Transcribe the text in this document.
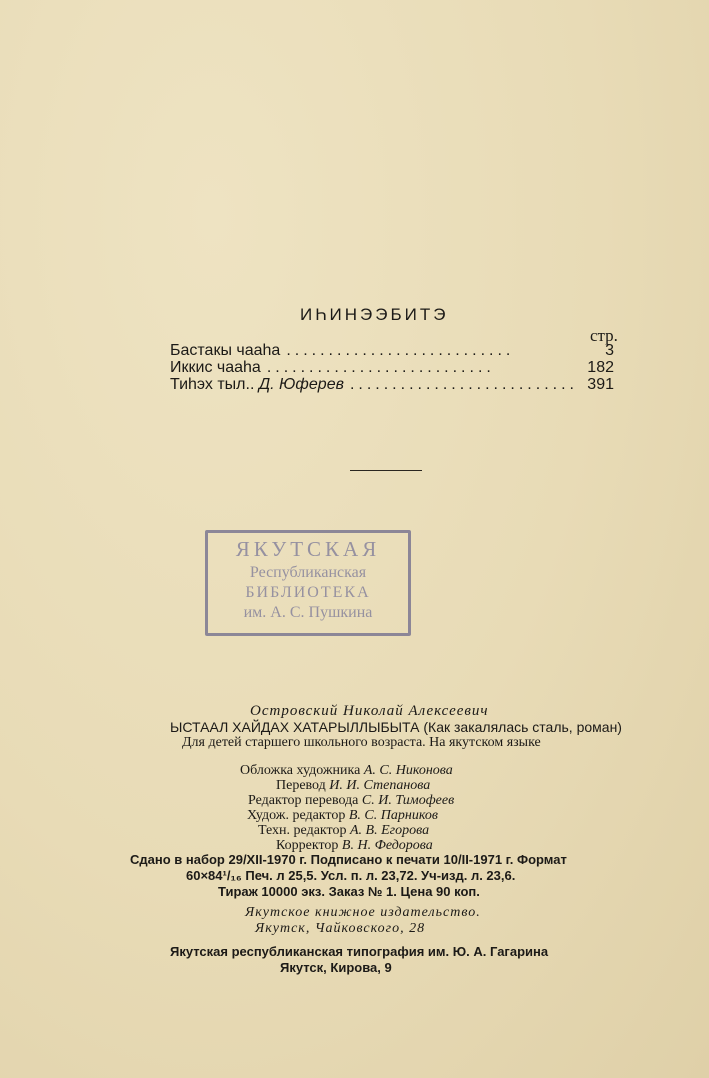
ИҺИНЭЭБИТЭ
стр.
Бастакы чааһа ...........................	3
Иккис чааһа ...........................	182
Тиһэх тыл.. Д. Юферев ........................... 391
ЯКУТСКАЯ
Республиканская
БИБЛИОТЕКА
им. А. С. Пушкина
Островский Николай Алексеевич
ЫСТААЛ ХАЙДАХ ХАТАРЫЛЛЫБЫТА (Как закалялась сталь, роман)
Для детей старшего школьного возраста. На якутском языке
Обложка художника А. С. Никонова
Перевод И. И. Степанова
Редактор перевода С. И. Тимофеев
Худож. редактор В. С. Парников
Техн. редактор А. В. Егорова
Корректор В. Н. Федорова
Сдано в набор 29/XII-1970 г. Подписано к печати 10/II-1971 г. Формат
60×84¹/₁₆ Печ. л 25,5. Усл. п. л. 23,72. Уч-изд. л. 23,6.
Тираж 10000 экз. Заказ № 1. Цена 90 коп.
Якутское книжное издательство.
Якутск, Чайковского, 28
Якутская республиканская типография им. Ю. А. Гагарина
Якутск, Кирова, 9
